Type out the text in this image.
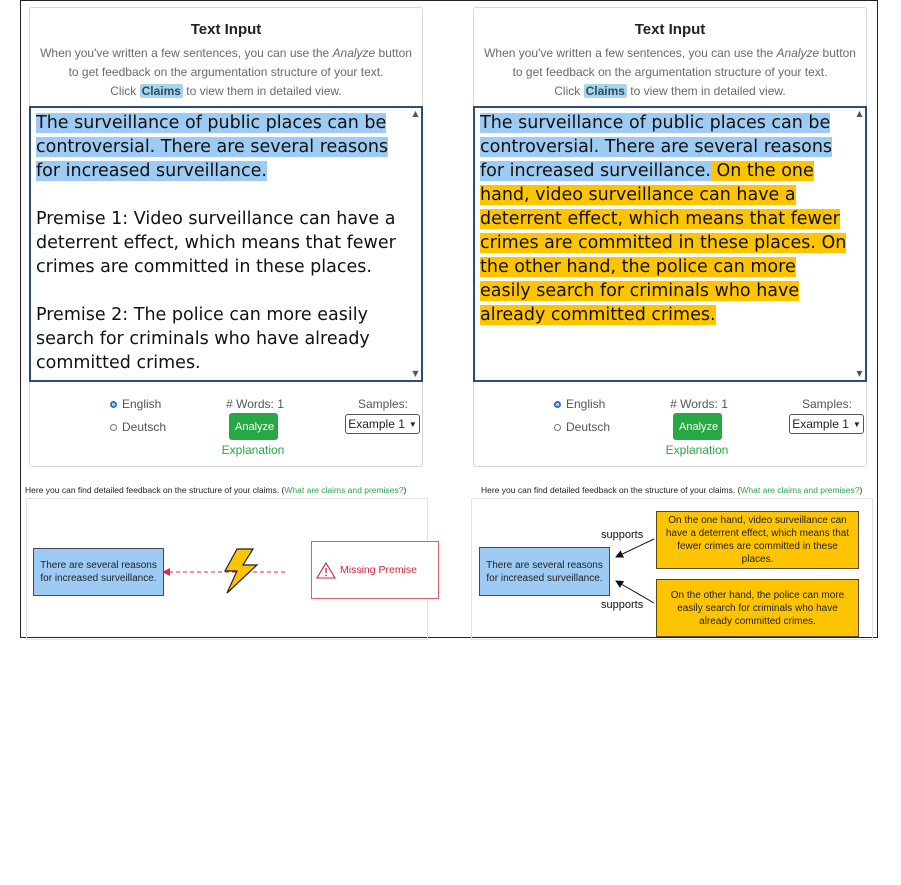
Text Input
When you've written a few sentences, you can use the Analyze button
to get feedback on the argumentation structure of your text.
Click Claims to view them in detailed view.

The surveillance of public places can be controversial. There are several reasons for increased surveillance.

Premise 1: Video surveillance can have a deterrent effect, which means that fewer crimes are committed in these places.

Premise 2: The police can more easily search for criminals who have already committed crimes.

▲
▼
English
Deutsch
# Words: 1
Analyze
Explanation
Samples:
Example 1 ▼
Here you can find detailed feedback on the structure of your claims. (What are claims and premises?)
There are several reasons for increased surveillance.
Missing Premise
Text Input
When you've written a few sentences, you can use the Analyze button
to get feedback on the argumentation structure of your text.
Click Claims to view them in detailed view.

The surveillance of public places can be controversial. There are several reasons for increased surveillance. On the one hand, video surveillance can have a deterrent effect, which means that fewer crimes are committed in these places. On the other hand, the police can more easily search for criminals who have already committed crimes.

▲
▼
English
Deutsch
# Words: 1
Analyze
Explanation
Samples:
Example 1 ▼
Here you can find detailed feedback on the structure of your claims. (What are claims and premises?)
There are several reasons for increased surveillance.
On the one hand, video surveillance can have a deterrent effect, which means that fewer crimes are committed in these places.
On the other hand, the police can more easily search for criminals who have already committed crimes.
supports
supports
